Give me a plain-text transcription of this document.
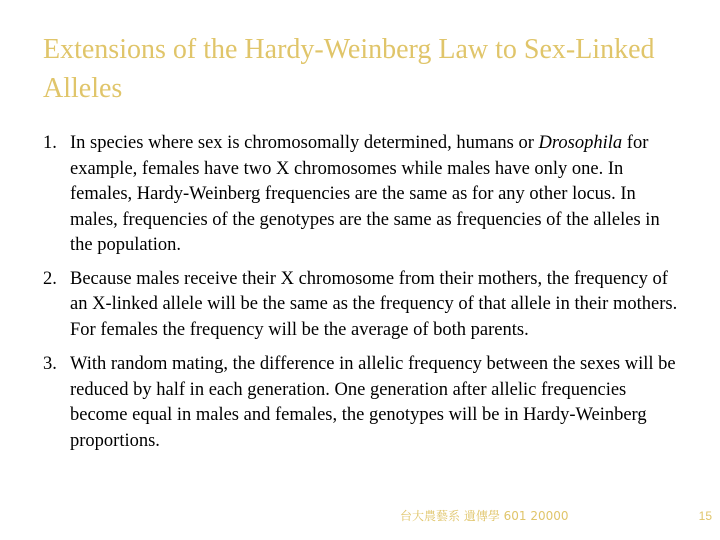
Extensions of the Hardy-Weinberg Law to Sex-Linked Alleles
1. In species where sex is chromosomally determined, humans or Drosophila for example, females have two X chromosomes while males have only one. In females, Hardy-Weinberg frequencies are the same as for any other locus. In males, frequencies of the genotypes are the same as frequencies of the alleles in the population.
2. Because males receive their X chromosome from their mothers, the frequency of an X-linked allele will be the same as the frequency of that allele in their mothers. For females the frequency will be the average of both parents.
3. With random mating, the difference in allelic frequency between the sexes will be reduced by half in each generation. One generation after allelic frequencies become equal in males and females, the genotypes will be in Hardy-Weinberg proportions.
台大農藝系 遺傳學 601 20000	15
